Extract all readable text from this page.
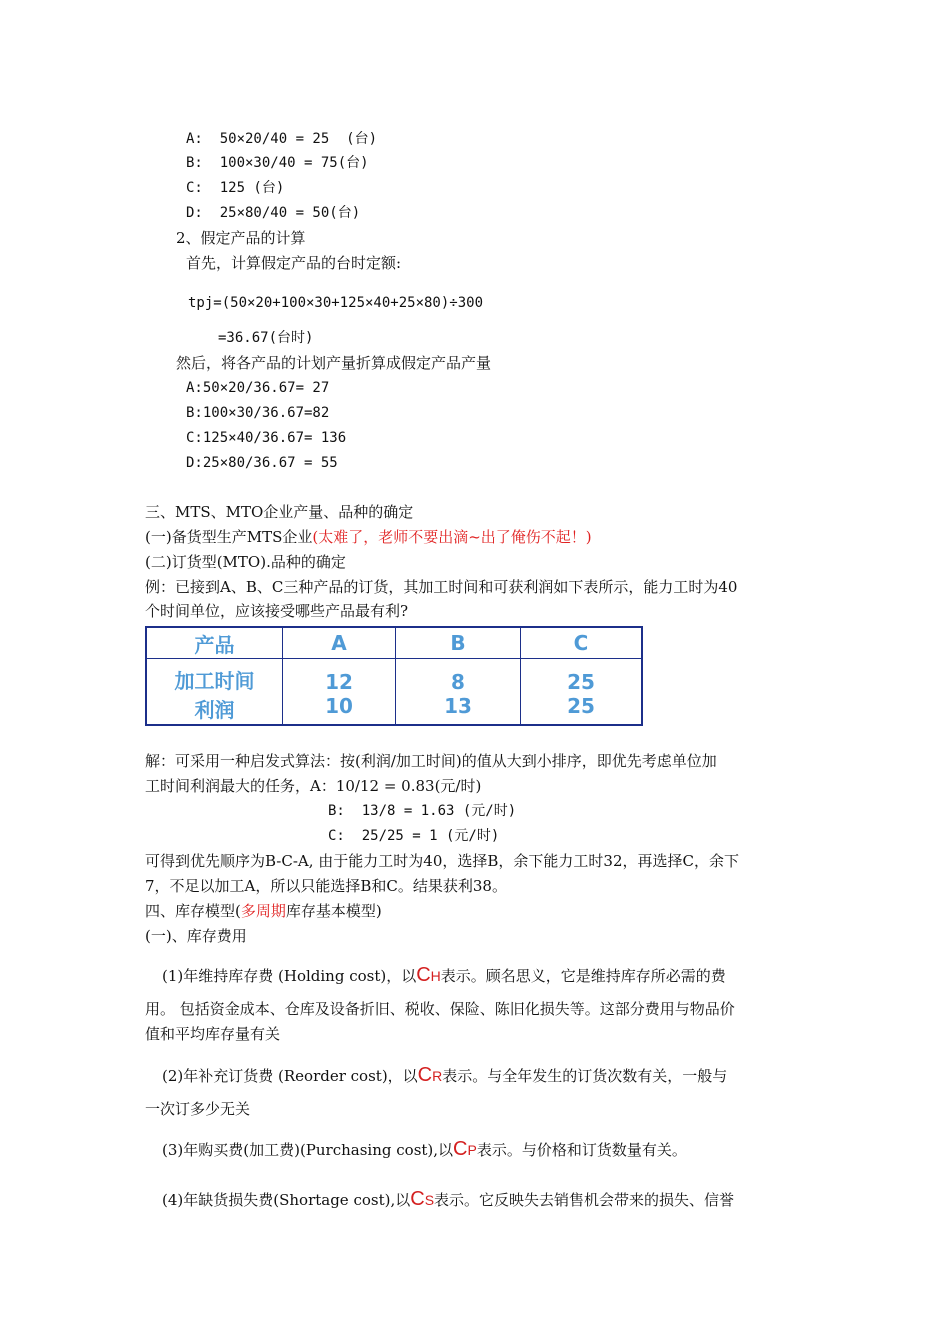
A:  50×20/40 = 25  (台)
B:  100×30/40 = 75(台)
C:  125 (台)
D:  25×80/40 = 50(台)
2、假定产品的计算
首先，计算假定产品的台时定额:
tpj=(50×20+100×30+125×40+25×80)÷300
=36.67(台时)
然后，将各产品的计划产量折算成假定产品产量
A:50×20/36.67= 27
B:100×30/36.67=82
C:125×40/36.67= 136
D:25×80/36.67 = 55
三、MTS、MTO企业产量、品种的确定
(一)备货型生产MTS企业(太难了，老师不要出滴~出了俺伤不起！)
(二)订货型(MTO).品种的确定
例：已接到A、B、C三种产品的订货，其加工时间和可获利润如下表所示，能力工时为40
个时间单位，应该接受哪些产品最有利?
产品	A	B	C
加工时间	12	8	25
利润	10	13	25
解：可采用一种启发式算法：按(利润/加工时间)的值从大到小排序，即优先考虑单位加
工时间利润最大的任务，A：10/12 = 0.83(元/时)
B:  13/8 = 1.63 (元/时)
C:  25/25 = 1 (元/时)
可得到优先顺序为B-C-A, 由于能力工时为40，选择B，余下能力工时32，再选择C，余下
7，不足以加工A，所以只能选择B和C。结果获利38。
四、库存模型(多周期库存基本模型)
(一)、库存费用
(1)年维持库存费 (Holding cost)，以CH表示。顾名思义，它是维持库存所必需的费
用。 包括资金成本、仓库及设备折旧、税收、保险、陈旧化损失等。这部分费用与物品价
值和平均库存量有关
(2)年补充订货费 (Reorder cost)，以CR表示。与全年发生的订货次数有关，一般与
一次订多少无关
(3)年购买费(加工费)(Purchasing cost),以CP表示。与价格和订货数量有关。
(4)年缺货损失费(Shortage cost),以CS表示。它反映失去销售机会带来的损失、信誉
